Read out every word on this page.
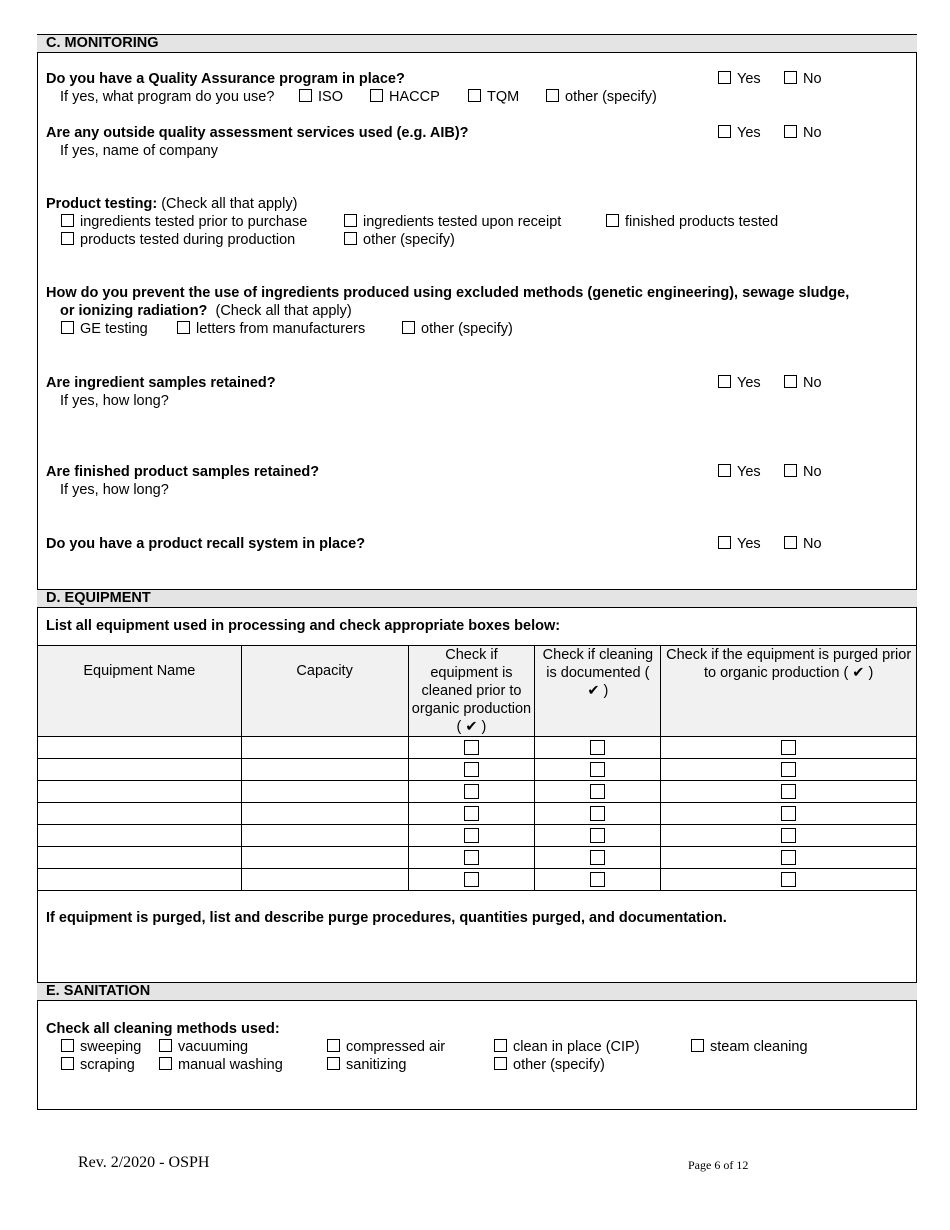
C. MONITORING
Do you have a Quality Assurance program in place?
If yes, what program do you use?	ISO	HACCP	TQM	other (specify)
Yes	No
Are any outside quality assessment services used (e.g. AIB)?
If yes, name of company
Yes	No
Product testing: (Check all that apply)
ingredients tested prior to purchase	ingredients tested upon receipt	finished products tested
products tested during production	other (specify)
How do you prevent the use of ingredients produced using excluded methods (genetic engineering), sewage sludge,
or ionizing radiation? (Check all that apply)
GE testing	letters from manufacturers	other (specify)
Are ingredient samples retained?
If yes, how long?
Yes	No
Are finished product samples retained?
If yes, how long?
Yes	No
Do you have a product recall system in place?	Yes	No
D. EQUIPMENT
List all equipment used in processing and check appropriate boxes below:
Equipment Name	Capacity	Check if equipment is cleaned prior to organic production ( ✔ )	Check if cleaning is documented ( ✔ )	Check if the equipment is purged prior to organic production ( ✔ )

If equipment is purged, list and describe purge procedures, quantities purged, and documentation.
E. SANITATION
Check all cleaning methods used:
sweeping	vacuuming	compressed air	clean in place (CIP)	steam cleaning
scraping	manual washing	sanitizing	other (specify)
Rev. 2/2020 - OSPH	Page 6 of 12
